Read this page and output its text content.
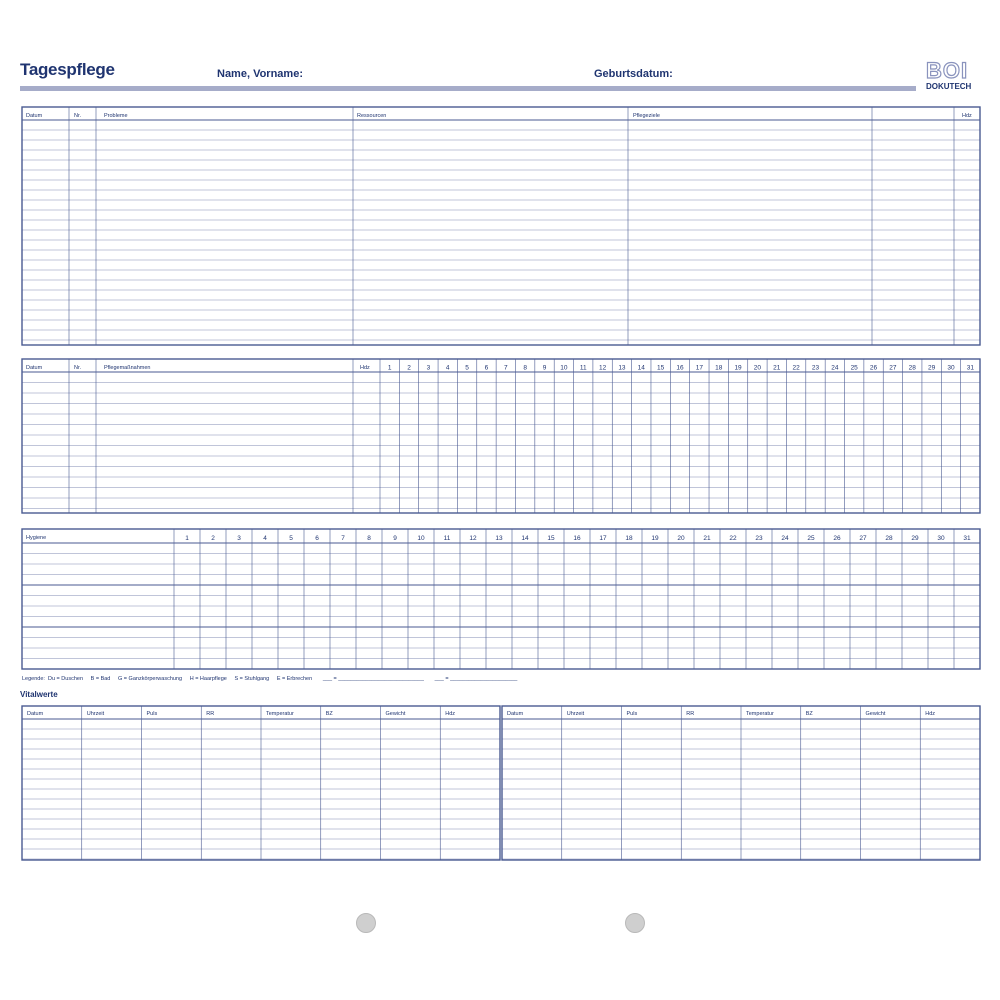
Tagespflege	Name, Vorname:	Geburtsdatum:	BOI
DOKUTECH
Datum	Nr.	Probleme	Ressourcen	Pflegeziele	Hdz
Datum	Nr.	Pflegemaßnahmen	Hdz	1 2 3 4 5 6 7 8 9 10 11 12 13 14 15 16 17 18 19 20 21 22 23 24 25 26 27 28 29 30 31
Hygiene	1	2	3	4	5	6	7	8	9	10	11	12	13	14	15	16	17	18	19	20	21	22	23	24	25	26	27	28	29	30	31
Datum	Uhrzeit	Puls	RR	Temperatur	BZ	Gewicht	Hdz	Datum	Uhrzeit	Puls	RR	Temperatur	BZ	Gewicht	Hdz
Legende:  Du = Duschen     B = Bad     G = Ganzkörperwaschung     H = Haarpflege     S = Stuhlgang     E = Erbrechen       ___ = ____________________________       ___ = ______________________
Vitalwerte
